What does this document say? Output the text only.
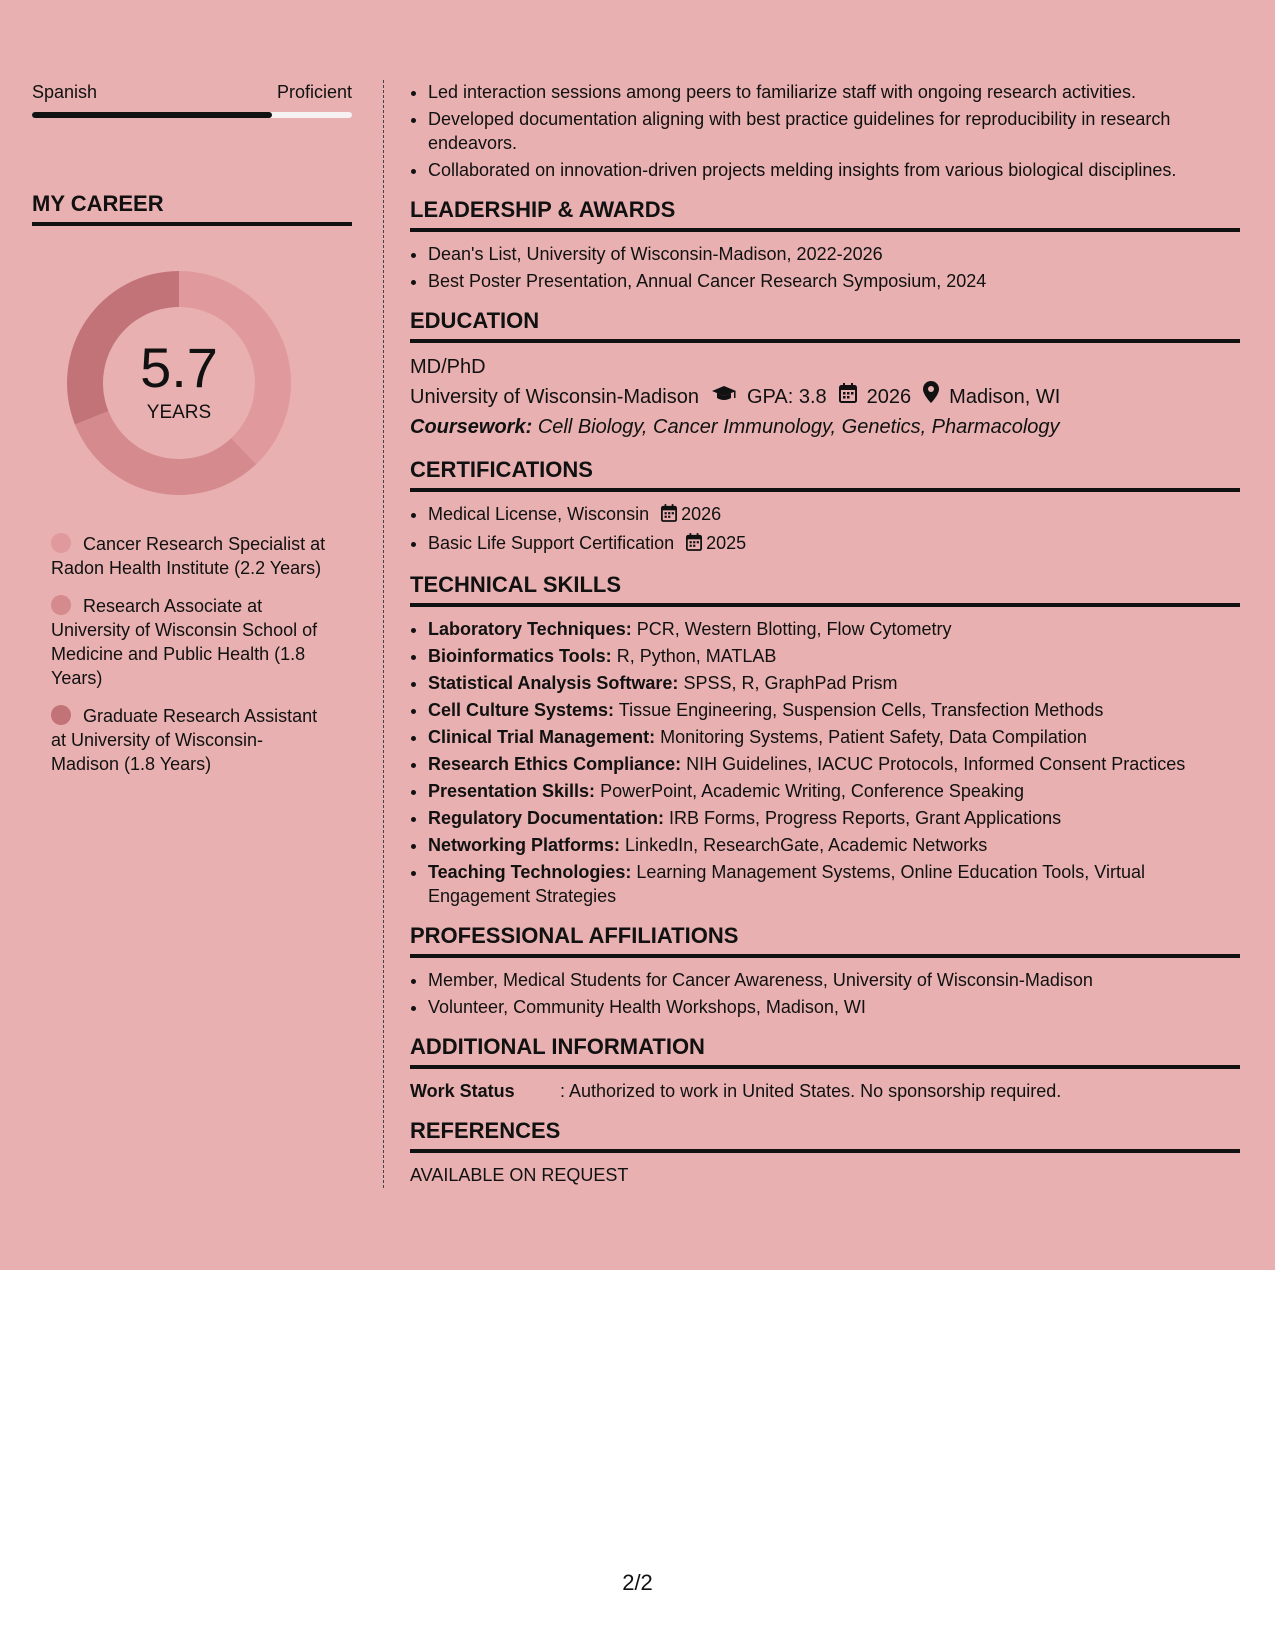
Spanish	Proficient
MY CAREER
5.7
YEARS
Cancer Research Specialist at Radon Health Institute (2.2 Years)
Research Associate at University of Wisconsin School of Medicine and Public Health (1.8 Years)
Graduate Research Assistant at University of Wisconsin-Madison (1.8 Years)
• Led interaction sessions among peers to familiarize staff with ongoing research activities.
• Developed documentation aligning with best practice guidelines for reproducibility in research endeavors.
• Collaborated on innovation-driven projects melding insights from various biological disciplines.
LEADERSHIP & AWARDS
• Dean's List, University of Wisconsin-Madison, 2022-2026
• Best Poster Presentation, Annual Cancer Research Symposium, 2024
EDUCATION
MD/PhD
University of Wisconsin-Madison GPA: 3.8 2026 Madison, WI
Coursework: Cell Biology, Cancer Immunology, Genetics, Pharmacology
CERTIFICATIONS
• Medical License, Wisconsin 2026
• Basic Life Support Certification 2025
TECHNICAL SKILLS
• Laboratory Techniques: PCR, Western Blotting, Flow Cytometry
• Bioinformatics Tools: R, Python, MATLAB
• Statistical Analysis Software: SPSS, R, GraphPad Prism
• Cell Culture Systems: Tissue Engineering, Suspension Cells, Transfection Methods
• Clinical Trial Management: Monitoring Systems, Patient Safety, Data Compilation
• Research Ethics Compliance: NIH Guidelines, IACUC Protocols, Informed Consent Practices
• Presentation Skills: PowerPoint, Academic Writing, Conference Speaking
• Regulatory Documentation: IRB Forms, Progress Reports, Grant Applications
• Networking Platforms: LinkedIn, ResearchGate, Academic Networks
• Teaching Technologies: Learning Management Systems, Online Education Tools, Virtual Engagement Strategies
PROFESSIONAL AFFILIATIONS
• Member, Medical Students for Cancer Awareness, University of Wisconsin-Madison
• Volunteer, Community Health Workshops, Madison, WI
ADDITIONAL INFORMATION
Work Status	: Authorized to work in United States. No sponsorship required.
REFERENCES
AVAILABLE ON REQUEST
2/2
